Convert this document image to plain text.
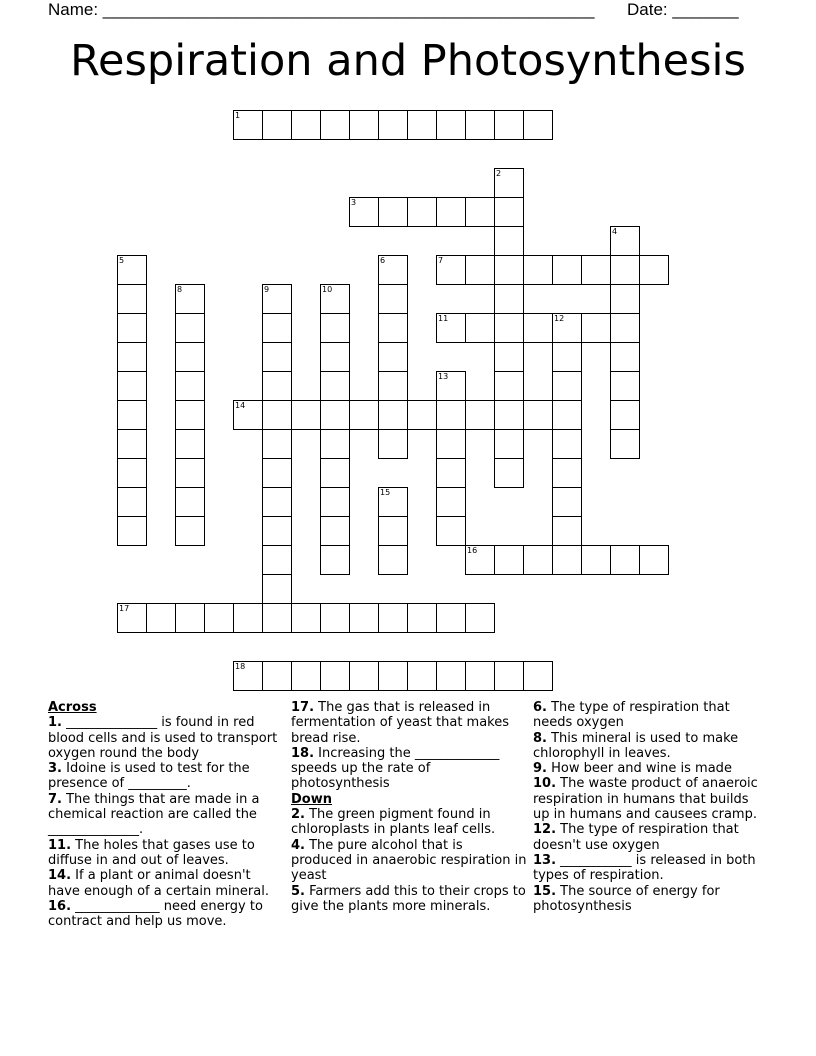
Name: ____________________________________________________ Date: _______
Respiration and Photosynthesis
1
3
7
11	12
14
16
17
18
2
4
5	6
8	9	10
13
15
Across
1. ______________ is found in red blood cells and is used to transport oxygen round the body
3. Idoine is used to test for the presence of _________.
7. The things that are made in a chemical reaction are called the ______________.
11. The holes that gases use to diffuse in and out of leaves.
14. If a plant or animal doesn't have enough of a certain mineral.
16. _____________ need energy to contract and help us move.
17. The gas that is released in fermentation of yeast that makes bread rise.
18. Increasing the _____________ speeds up the rate of photosynthesis
Down
2. The green pigment found in chloroplasts in plants leaf cells.
4. The pure alcohol that is produced in anaerobic respiration in yeast
5. Farmers add this to their crops to give the plants more minerals.
6. The type of respiration that needs oxygen
8. This mineral is used to make chlorophyll in leaves.
9. How beer and wine is made
10. The waste product of anaeroic respiration in humans that builds up in humans and causees cramp.
12. The type of respiration that doesn't use oxygen
13. ___________ is released in both types of respiration.
15. The source of energy for photosynthesis
